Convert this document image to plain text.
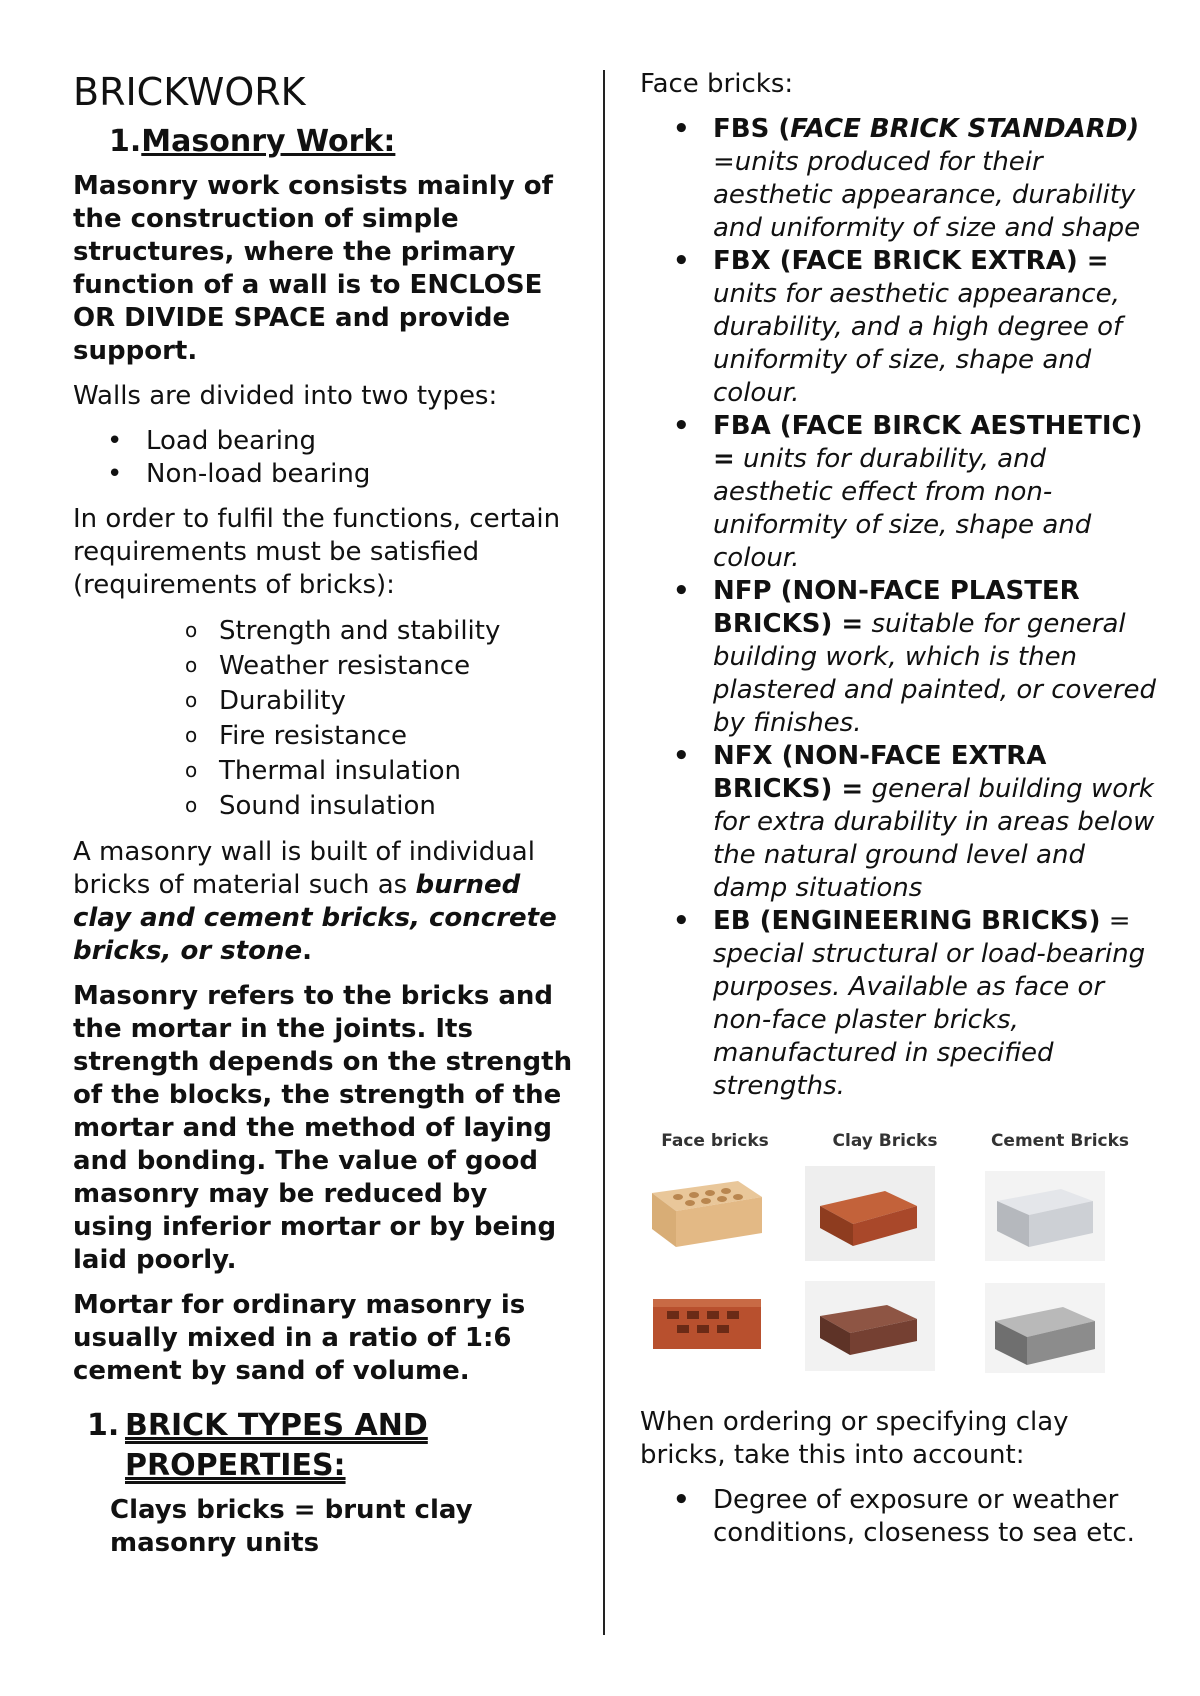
BRICKWORK
1.Masonry Work:
Masonry work consists mainly of the construction of simple structures, where the primary function of a wall is to ENCLOSE OR DIVIDE SPACE and provide support.
Walls are divided into two types:
• Load bearing
• Non-load bearing
In order to fulfil the functions, certain requirements must be satisfied (requirements of bricks):
o Strength and stability
o Weather resistance
o Durability
o Fire resistance
o Thermal insulation
o Sound insulation
A masonry wall is built of individual bricks of material such as burned clay and cement bricks, concrete bricks, or stone.
Masonry refers to the bricks and the mortar in the joints. Its strength depends on the strength of the blocks, the strength of the mortar and the method of laying and bonding. The value of good masonry may be reduced by using inferior mortar or by being laid poorly.
Mortar for ordinary masonry is usually mixed in a ratio of 1:6 cement by sand of volume.
1. BRICK TYPES AND PROPERTIES:
Clays bricks = brunt clay masonry units
Face bricks:
• FBS (FACE BRICK STANDARD) =units produced for their aesthetic appearance, durability and uniformity of size and shape
• FBX (FACE BRICK EXTRA) = units for aesthetic appearance, durability, and a high degree of uniformity of size, shape and colour.
• FBA (FACE BIRCK AESTHETIC) = units for durability, and aesthetic effect from non-uniformity of size, shape and colour.
• NFP (NON-FACE PLASTER BRICKS) = suitable for general building work, which is then plastered and painted, or covered by finishes.
• NFX (NON-FACE EXTRA BRICKS) = general building work for extra durability in areas below the natural ground level and damp situations
• EB (ENGINEERING BRICKS) = special structural or load-bearing purposes. Available as face or non-face plaster bricks, manufactured in specified strengths.
Face bricks	Clay Bricks	Cement Bricks
When ordering or specifying clay bricks, take this into account:
• Degree of exposure or weather conditions, closeness to sea etc.
